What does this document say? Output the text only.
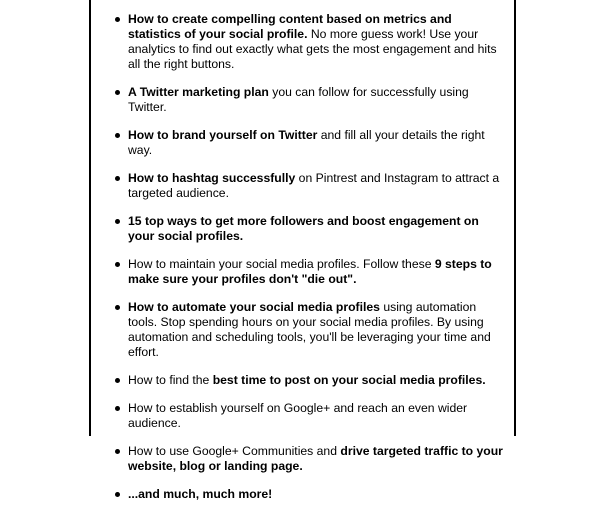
How to create compelling content based on metrics and statistics of your social profile. No more guess work! Use your analytics to find out exactly what gets the most engagement and hits all the right buttons.
A Twitter marketing plan you can follow for successfully using Twitter.
How to brand yourself on Twitter and fill all your details the right way.
How to hashtag successfully on Pintrest and Instagram to attract a targeted audience.
15 top ways to get more followers and boost engagement on your social profiles.
How to maintain your social media profiles. Follow these 9 steps to make sure your profiles don't "die out".
How to automate your social media profiles using automation tools. Stop spending hours on your social media profiles. By using automation and scheduling tools, you'll be leveraging your time and effort.
How to find the best time to post on your social media profiles.
How to establish yourself on Google+ and reach an even wider audience.
How to use Google+ Communities and drive targeted traffic to your website, blog or landing page.
...and much, much more!
